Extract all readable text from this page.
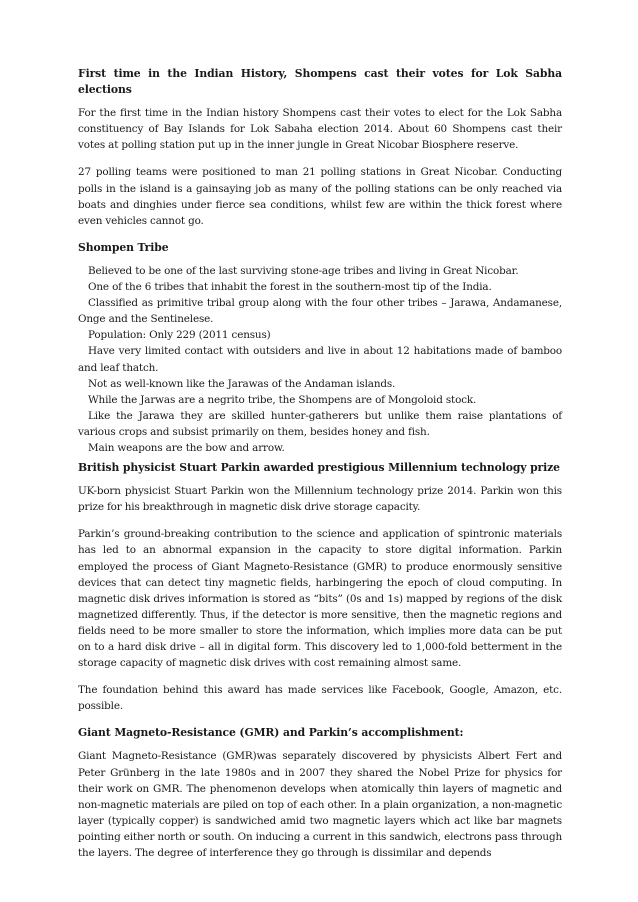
First time in the Indian History, Shompens cast their votes for Lok Sabha elections

For the first time in the Indian history Shompens cast their votes to elect for the Lok Sabha constituency of Bay Islands for Lok Sabaha election 2014. About 60 Shompens cast their votes at polling station put up in the inner jungle in Great Nicobar Biosphere reserve.

27 polling teams were positioned to man 21 polling stations in Great Nicobar. Conducting polls in the island is a gainsaying job as many of the polling stations can be only reached via boats and dinghies under fierce sea conditions, whilst few are within the thick forest where even vehicles cannot go.

Shompen Tribe
Believed to be one of the last surviving stone-age tribes and living in Great Nicobar.
One of the 6 tribes that inhabit the forest in the southern-most tip of the India.
Classified as primitive tribal group along with the four other tribes – Jarawa, Andamanese, Onge and the Sentinelese.
Population: Only 229 (2011 census)
Have very limited contact with outsiders and live in about 12 habitations made of bamboo and leaf thatch.
Not as well-known like the Jarawas of the Andaman islands.
While the Jarwas are a negrito tribe, the Shompens are of Mongoloid stock.
Like the Jarawa they are skilled hunter-gatherers but unlike them raise plantations of various crops and subsist primarily on them, besides honey and fish.
Main weapons are the bow and arrow.
British physicist Stuart Parkin awarded prestigious Millennium technology prize

UK-born physicist Stuart Parkin won the Millennium technology prize 2014. Parkin won this prize for his breakthrough in magnetic disk drive storage capacity.

Parkin’s ground-breaking contribution to the science and application of spintronic materials has led to an abnormal expansion in the capacity to store digital information. Parkin employed the process of Giant Magneto-Resistance (GMR) to produce enormously sensitive devices that can detect tiny magnetic fields, harbingering the epoch of cloud computing. In magnetic disk drives information is stored as “bits” (0s and 1s) mapped by regions of the disk magnetized differently. Thus, if the detector is more sensitive, then the magnetic regions and fields need to be more smaller to store the information, which implies more data can be put on to a hard disk drive – all in digital form. This discovery led to 1,000-fold betterment in the storage capacity of magnetic disk drives with cost remaining almost same.

The foundation behind this award has made services like Facebook, Google, Amazon, etc. possible.

Giant Magneto-Resistance (GMR) and Parkin’s accomplishment:

Giant Magneto-Resistance (GMR)was separately discovered by physicists Albert Fert and Peter Grünberg in the late 1980s and in 2007 they shared the Nobel Prize for physics for their work on GMR. The phenomenon develops when atomically thin layers of magnetic and non-magnetic materials are piled on top of each other. In a plain organization, a non-magnetic layer (typically copper) is sandwiched amid two magnetic layers which act like bar magnets pointing either north or south. On inducing a current in this sandwich, electrons pass through the layers. The degree of interference they go through is dissimilar and depends
